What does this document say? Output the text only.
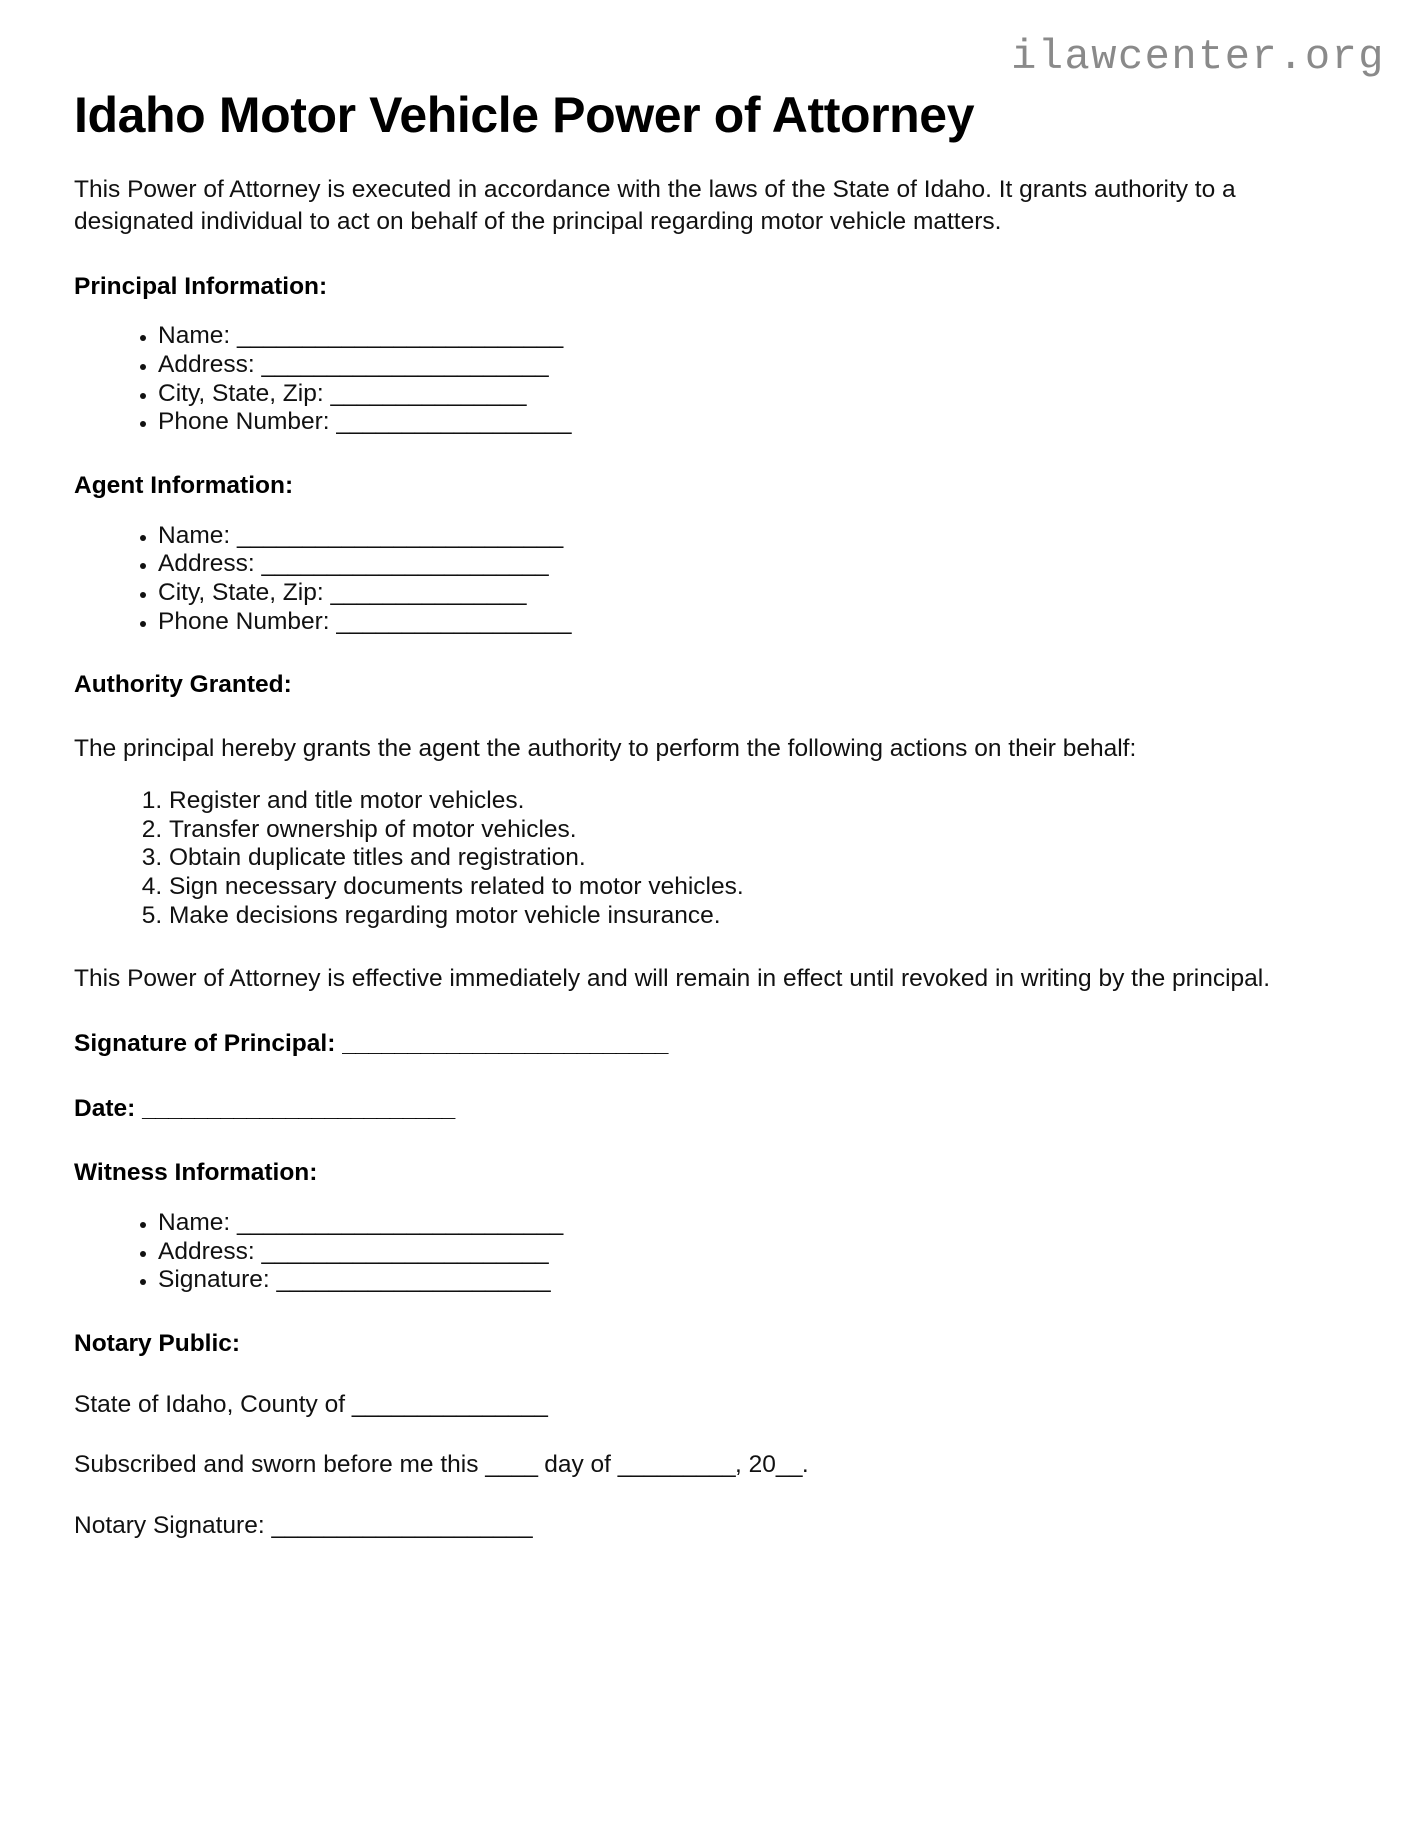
ilawcenter.org
Idaho Motor Vehicle Power of Attorney

This Power of Attorney is executed in accordance with the laws of the State of Idaho. It grants authority to a designated individual to act on behalf of the principal regarding motor vehicle matters.

Principal Information:
• Name: _________________________
• Address: ______________________
• City, State, Zip: _______________
• Phone Number: __________________
Agent Information:
• Name: _________________________
• Address: ______________________
• City, State, Zip: _______________
• Phone Number: __________________
Authority Granted:

The principal hereby grants the agent the authority to perform the following actions on their behalf:

1. Register and title motor vehicles.
2. Transfer ownership of motor vehicles.
3. Obtain duplicate titles and registration.
4. Sign necessary documents related to motor vehicles.
5. Make decisions regarding motor vehicle insurance.

This Power of Attorney is effective immediately and will remain in effect until revoked in writing by the principal.

Signature of Principal: _________________________

Date: ________________________

Witness Information:
• Name: _________________________
• Address: ______________________
• Signature: _____________________
Notary Public:

State of Idaho, County of _______________

Subscribed and sworn before me this ____ day of _________, 20__.

Notary Signature: ____________________
